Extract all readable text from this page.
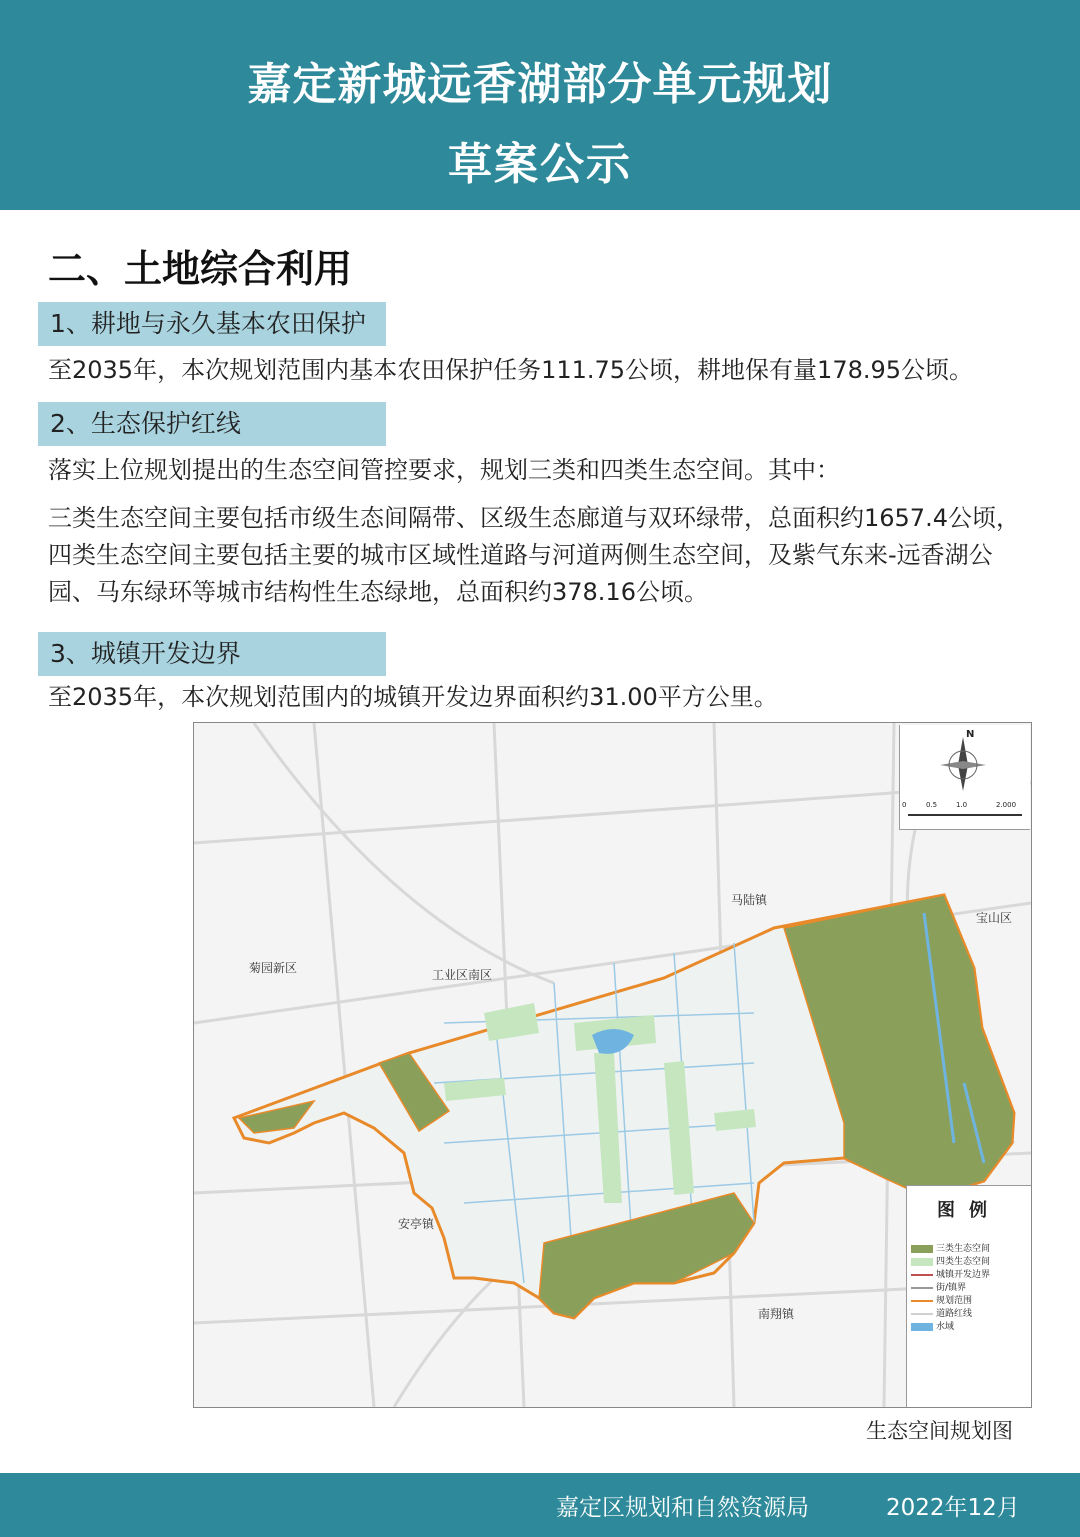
嘉定新城远香湖部分单元规划
草案公示
二、土地综合利用
1、耕地与永久基本农田保护
至2035年，本次规划范围内基本农田保护任务111.75公顷，耕地保有量178.95公顷。
2、生态保护红线
落实上位规划提出的生态空间管控要求，规划三类和四类生态空间。其中：
三类生态空间主要包括市级生态间隔带、区级生态廊道与双环绿带，总面积约1657.4公顷，四类生态空间主要包括主要的城市区域性道路与河道两侧生态空间，及紫气东来-远香湖公园、马东绿环等城市结构性生态绿地，总面积约378.16公顷。
3、城镇开发边界
至2035年，本次规划范围内的城镇开发边界面积约31.00平方公里。
马陆镇
宝山区
菊园新区	工业区南区
安亭镇
南翔镇
N
0	0.5	1.0	2.000
图例
三类生态空间
四类生态空间
城镇开发边界
街/镇界
规划范围
道路红线
水域
生态空间规划图
嘉定区规划和自然资源局	2022年12月
